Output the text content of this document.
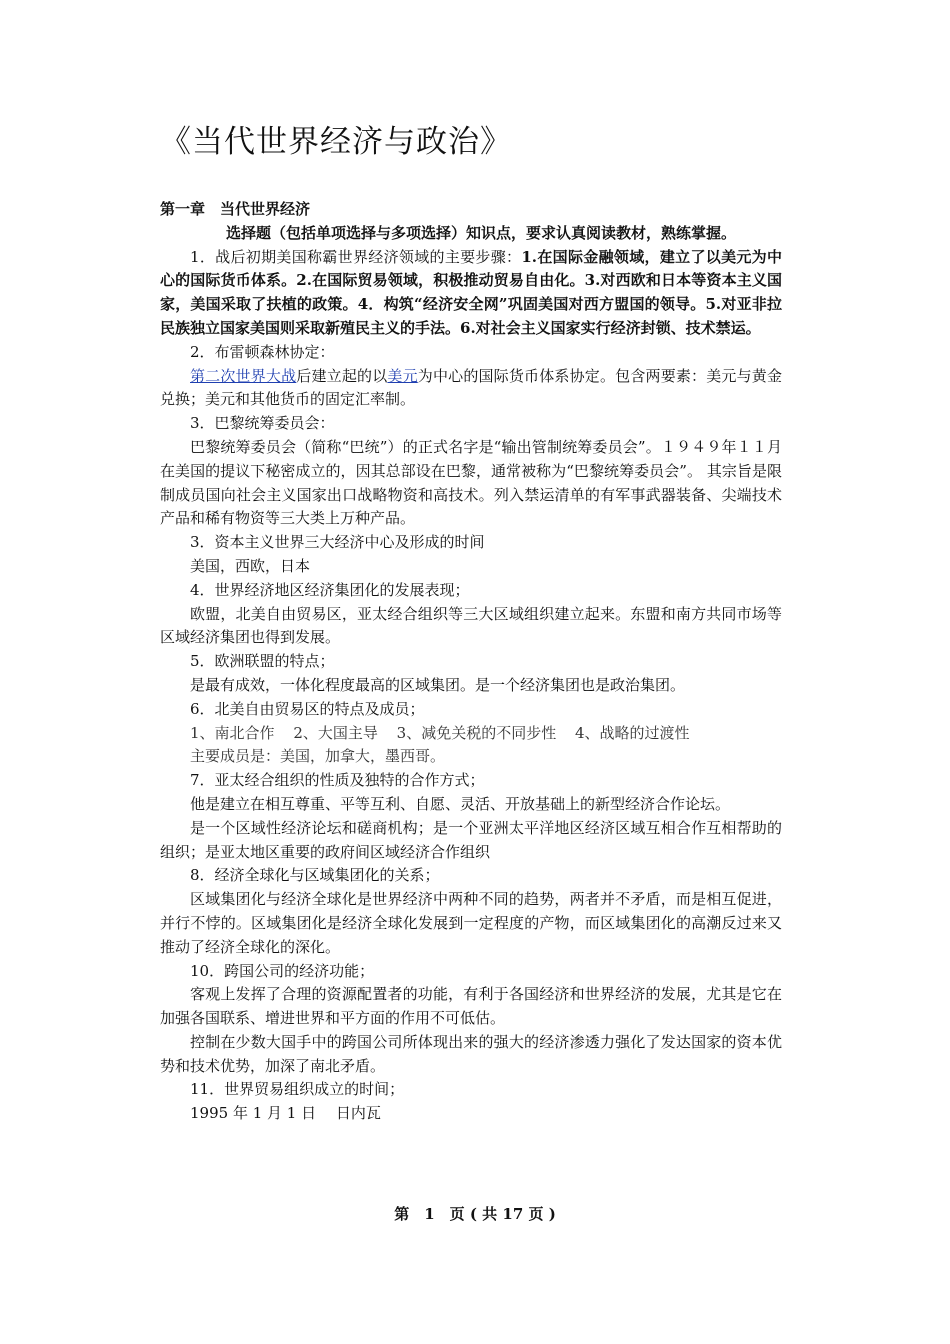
《当代世界经济与政治》

第一章　当代世界经济

选择题（包括单项选择与多项选择）知识点，要求认真阅读教材，熟练掌握。

1．战后初期美国称霸世界经济领域的主要步骤：1.在国际金融领域，建立了以美元为中心的国际货币体系。2.在国际贸易领域，积极推动贸易自由化。3.对西欧和日本等资本主义国家，美国采取了扶植的政策。4．构筑“经济安全网”巩固美国对西方盟国的领导。5.对亚非拉民族独立国家美国则采取新殖民主义的手法。6.对社会主义国家实行经济封锁、技术禁运。

2．布雷顿森林协定：

第二次世界大战后建立起的以美元为中心的国际货币体系协定。包含两要素：美元与黄金兑换；美元和其他货币的固定汇率制。

3．巴黎统筹委员会：

巴黎统筹委员会（简称“巴统”）的正式名字是“输出管制统筹委员会”。１９４９年１１月在美国的提议下秘密成立的，因其总部设在巴黎，通常被称为“巴黎统筹委员会”。 其宗旨是限制成员国向社会主义国家出口战略物资和高技术。列入禁运清单的有军事武器装备、尖端技术产品和稀有物资等三大类上万种产品。

3．资本主义世界三大经济中心及形成的时间

美国，西欧，日本

4．世界经济地区经济集团化的发展表现；

欧盟，北美自由贸易区，亚太经合组织等三大区域组织建立起来。东盟和南方共同市场等区域经济集团也得到发展。

5．欧洲联盟的特点；

是最有成效，一体化程度最高的区域集团。是一个经济集团也是政治集团。

6．北美自由贸易区的特点及成员；

1、南北合作 2、大国主导 3、减免关税的不同步性 4、战略的过渡性

主要成员是：美国，加拿大，墨西哥。

7．亚太经合组织的性质及独特的合作方式；

他是建立在相互尊重、平等互利、自愿、灵活、开放基础上的新型经济合作论坛。

是一个区域性经济论坛和磋商机构；是一个亚洲太平洋地区经济区域互相合作互相帮助的组织；是亚太地区重要的政府间区域经济合作组织

8．经济全球化与区域集团化的关系；

区域集团化与经济全球化是世界经济中两种不同的趋势，两者并不矛盾，而是相互促进，并行不悖的。区域集团化是经济全球化发展到一定程度的产物，而区域集团化的高潮反过来又推动了经济全球化的深化。

10．跨国公司的经济功能；

客观上发挥了合理的资源配置者的功能，有利于各国经济和世界经济的发展，尤其是它在加强各国联系、增进世界和平方面的作用不可低估。

控制在少数大国手中的跨国公司所体现出来的强大的经济渗透力强化了发达国家的资本优势和技术优势，加深了南北矛盾。

11．世界贸易组织成立的时间；

1995 年 1 月 1 日　 日内瓦

第　1　页 ( 共 17 页 )
